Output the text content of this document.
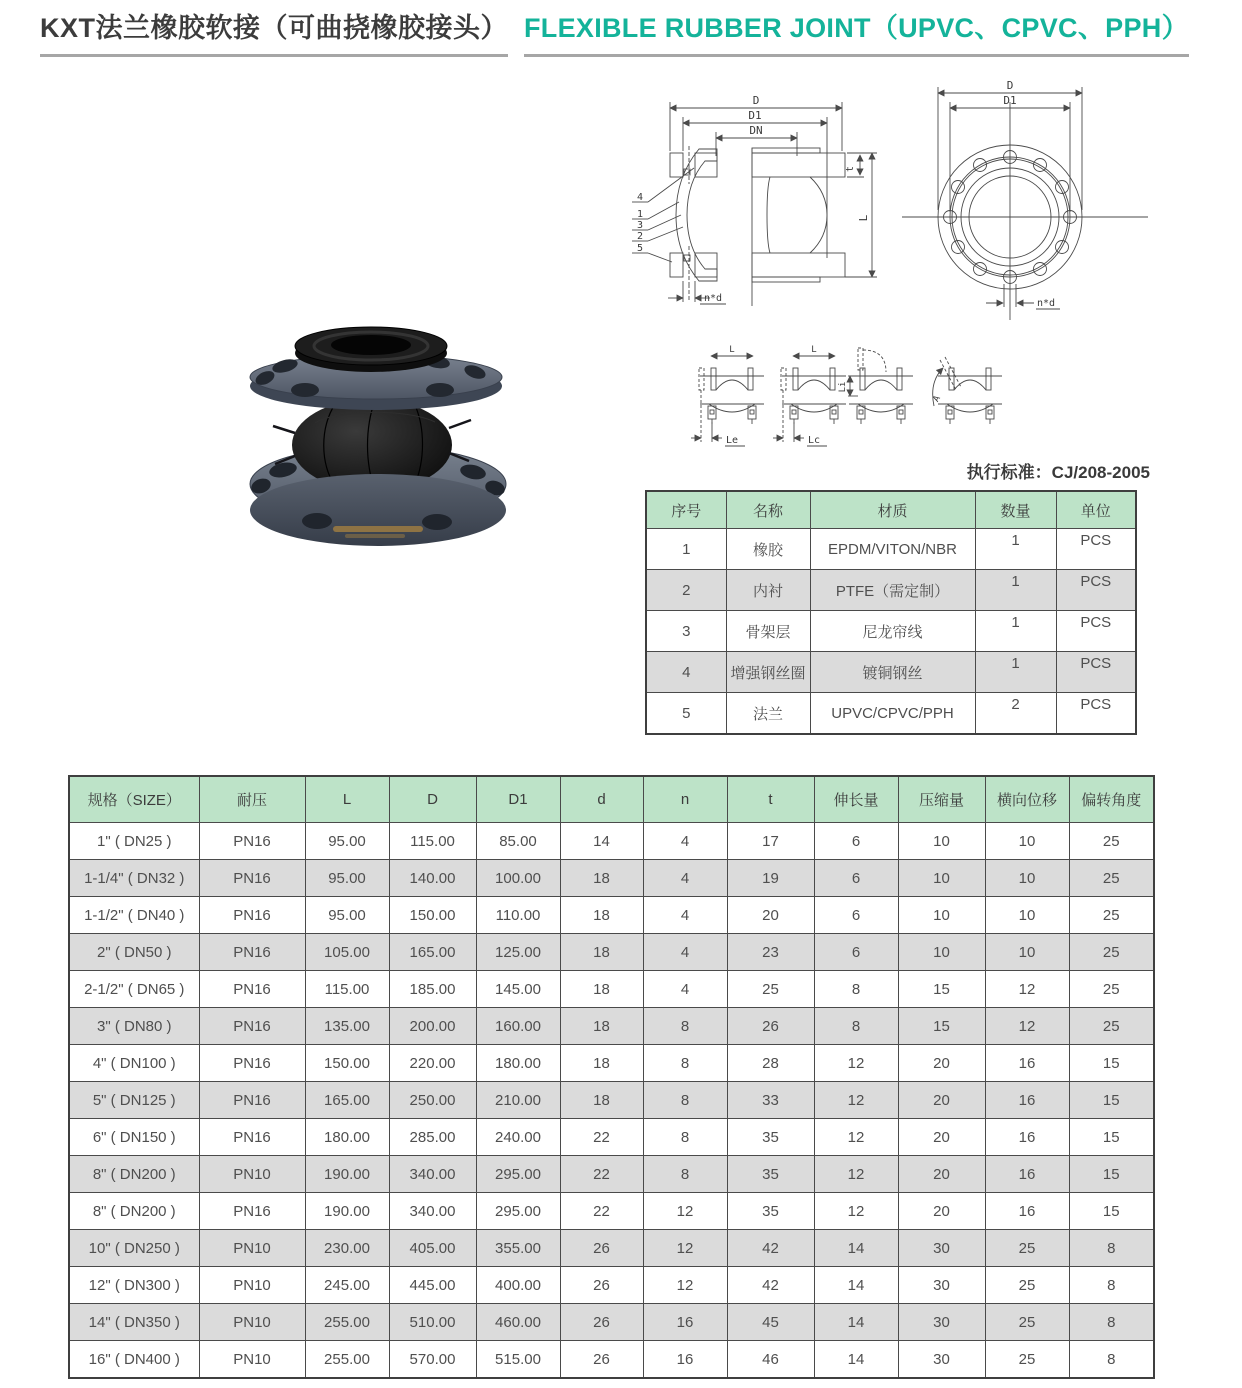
KXT法兰橡胶软接（可曲挠橡胶接头） FLEXIBLE RUBBER JOINT（UPVC、CPVC、PPH）
D
D1
DN
t
L
n*d
4
1
3
2
5
D
D1
n*d
L
Le
L
Lc
Li
A
执行标准：CJ/208-2005
序号	名称	材质	数量	单位
1	橡胶	EPDM/VITON/NBR	1	PCS
2	内衬	PTFE（需定制）	1	PCS
3	骨架层	尼龙帘线	1	PCS
4	增强钢丝圈	镀铜钢丝	1	PCS
5	法兰	UPVC/CPVC/PPH	2	PCS
规格（SIZE）	耐压	L	D	D1	d	n	t	伸长量	压缩量	横向位移	偏转角度
1" ( DN25 )	PN16	95.00	115.00	85.00	14	4	17	6	10	10	25
1-1/4" ( DN32 )	PN16	95.00	140.00	100.00	18	4	19	6	10	10	25
1-1/2" ( DN40 )	PN16	95.00	150.00	110.00	18	4	20	6	10	10	25
2" ( DN50 )	PN16	105.00	165.00	125.00	18	4	23	6	10	10	25
2-1/2" ( DN65 )	PN16	115.00	185.00	145.00	18	4	25	8	15	12	25
3" ( DN80 )	PN16	135.00	200.00	160.00	18	8	26	8	15	12	25
4" ( DN100 )	PN16	150.00	220.00	180.00	18	8	28	12	20	16	15
5" ( DN125 )	PN16	165.00	250.00	210.00	18	8	33	12	20	16	15
6" ( DN150 )	PN16	180.00	285.00	240.00	22	8	35	12	20	16	15
8" ( DN200 )	PN10	190.00	340.00	295.00	22	8	35	12	20	16	15
8" ( DN200 )	PN16	190.00	340.00	295.00	22	12	35	12	20	16	15
10" ( DN250 )	PN10	230.00	405.00	355.00	26	12	42	14	30	25	8
12" ( DN300 )	PN10	245.00	445.00	400.00	26	12	42	14	30	25	8
14" ( DN350 )	PN10	255.00	510.00	460.00	26	16	45	14	30	25	8
16" ( DN400 )	PN10	255.00	570.00	515.00	26	16	46	14	30	25	8
